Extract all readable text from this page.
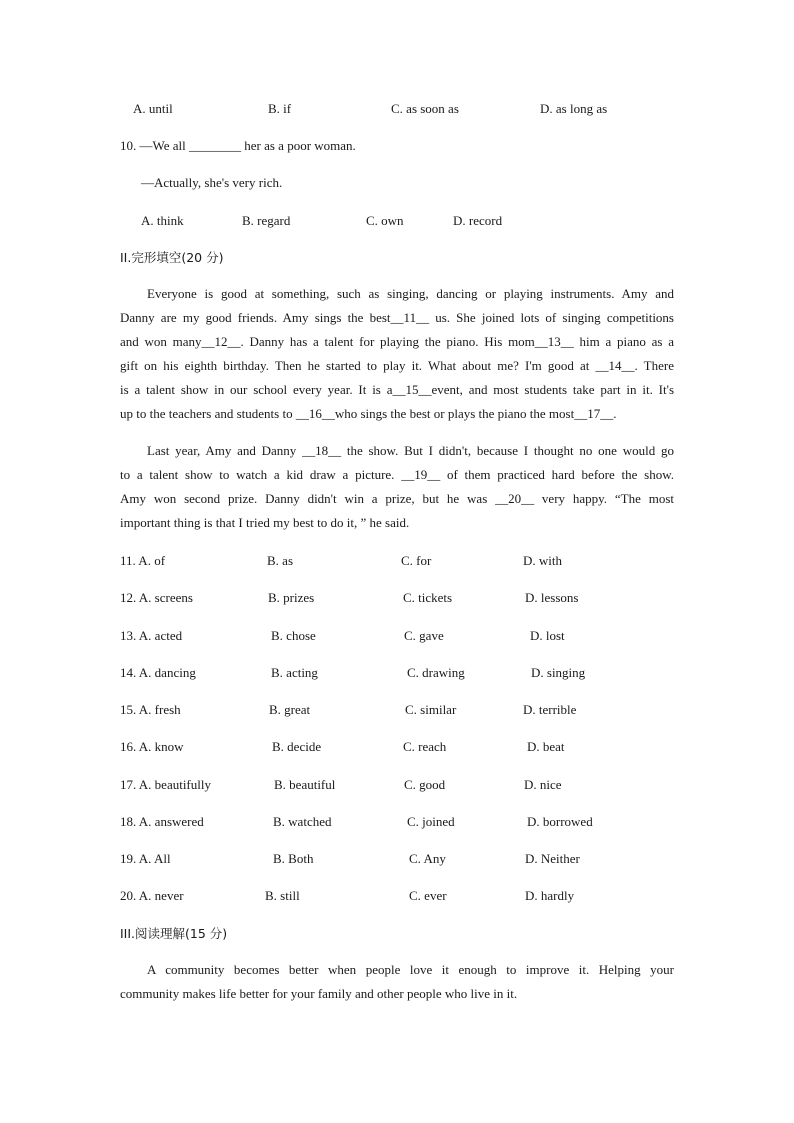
A. until	B. if	C. as soon as	D. as long as
10. —We all ________ her as a poor woman.
—Actually, she's very rich.
A. think	B. regard	C. own	D. record
II.完形填空(20 分)
Everyone is good at something, such as singing, dancing or playing instruments. Amy and
Danny are my good friends. Amy sings the best__11__ us. She joined lots of singing competitions
and won many__12__. Danny has a talent for playing the piano. His mom__13__ him a piano as a
gift on his eighth birthday. Then he started to play it. What about me? I'm good at __14__. There
is a talent show in our school every year. It is a__15__event, and most students take part in it. It's
up to the teachers and students to __16__who sings the best or plays the piano the most__17__.
Last year, Amy and Danny __18__ the show. But I didn't, because I thought no one would go
to a talent show to watch a kid draw a picture. __19__ of them practiced hard before the show.
Amy won second prize. Danny didn't win a prize, but he was __20__ very happy. “The most
important thing is that I tried my best to do it, ” he said.
11. A. of	B. as	C. for	D. with
12. A. screens	B. prizes	C. tickets	D. lessons
13. A. acted	B. chose	C. gave	D. lost
14. A. dancing	B. acting	C. drawing	D. singing
15. A. fresh	B. great	C. similar	D. terrible
16. A. know	B. decide	C. reach	D. beat
17. A. beautifully	B. beautiful	C. good	D. nice
18. A. answered	B. watched	C. joined	D. borrowed
19. A. All	B. Both	C. Any	D. Neither
20. A. never	B. still	C. ever	D. hardly
III.阅读理解(15 分)
A community becomes better when people love it enough to improve it. Helping your
community makes life better for your family and other people who live in it.
